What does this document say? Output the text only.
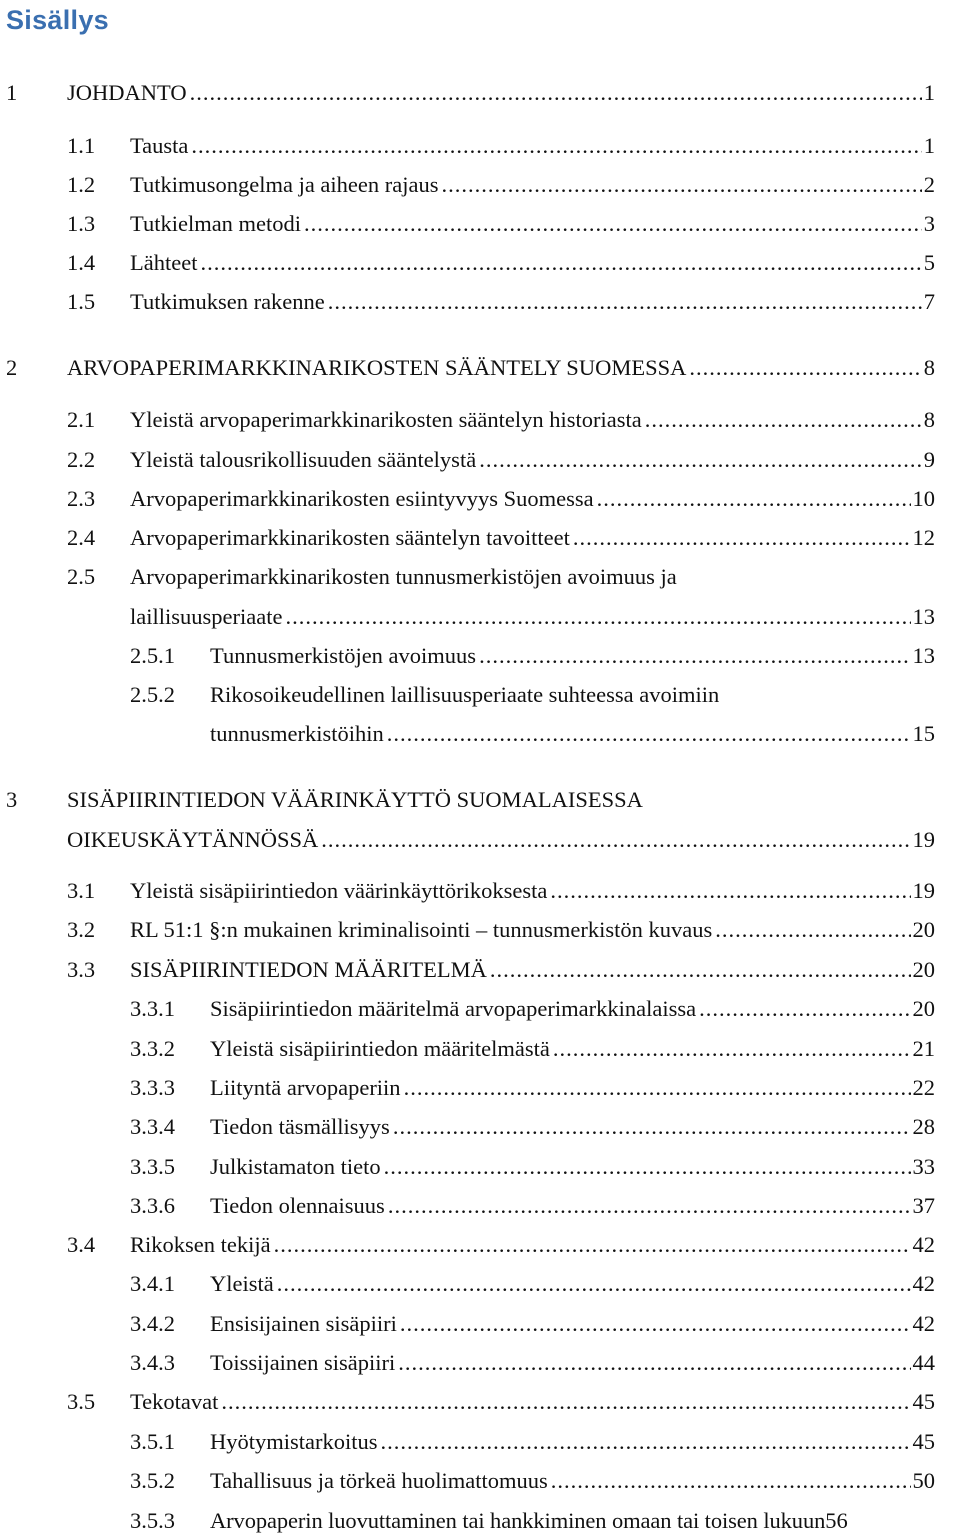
Sisällys
1	JOHDANTO .....	1
1.1	Tausta .....	1
1.2	Tutkimusongelma ja aiheen rajaus .....	2
1.3	Tutkielman metodi .....	3
1.4	Lähteet .....	5
1.5	Tutkimuksen rakenne .....	7
2	ARVOPAPERIMARKKINARIKOSTEN SÄÄNTELY SUOMESSA .....	8
2.1	Yleistä arvopaperimarkkinarikosten sääntelyn historiasta .....	8
2.2	Yleistä talousrikollisuuden sääntelystä .....	9
2.3	Arvopaperimarkkinarikosten esiintyvyys Suomessa .....	10
2.4	Arvopaperimarkkinarikosten sääntelyn tavoitteet .....	12
2.5 Arvopaperimarkkinarikosten tunnusmerkistöjen avoimuus ja
laillisuusperiaate .....	13
2.5.1	Tunnusmerkistöjen avoimuus .....	13
2.5.2 Rikosoikeudellinen laillisuusperiaate suhteessa avoimiin
tunnusmerkistöihin .....	15
3 SISÄPIIRINTIEDON VÄÄRINKÄYTTÖ SUOMALAISESSA
OIKEUSKÄYTÄNNÖSSÄ .....	19
3.1	Yleistä sisäpiirintiedon väärinkäyttörikoksesta .....	19
3.2	RL 51:1 §:n mukainen kriminalisointi – tunnusmerkistön kuvaus .....	20
3.3	SISÄPIIRINTIEDON MÄÄRITELMÄ .....	20
3.3.1	Sisäpiirintiedon määritelmä arvopaperimarkkinalaissa .....	20
3.3.2	Yleistä sisäpiirintiedon määritelmästä .....	21
3.3.3	Liityntä arvopaperiin .....	22
3.3.4	Tiedon täsmällisyys .....	28
3.3.5	Julkistamaton tieto .....	33
3.3.6	Tiedon olennaisuus .....	37
3.4	Rikoksen tekijä .....	42
3.4.1	Yleistä .....	42
3.4.2	Ensisijainen sisäpiiri .....	42
3.4.3	Toissijainen sisäpiiri .....	44
3.5	Tekotavat .....	45
3.5.1	Hyötymistarkoitus .....	45
3.5.2	Tahallisuus ja törkeä huolimattomuus .....	50
3.5.3	Arvopaperin luovuttaminen tai hankkiminen omaan tai toisen lukuun 56
